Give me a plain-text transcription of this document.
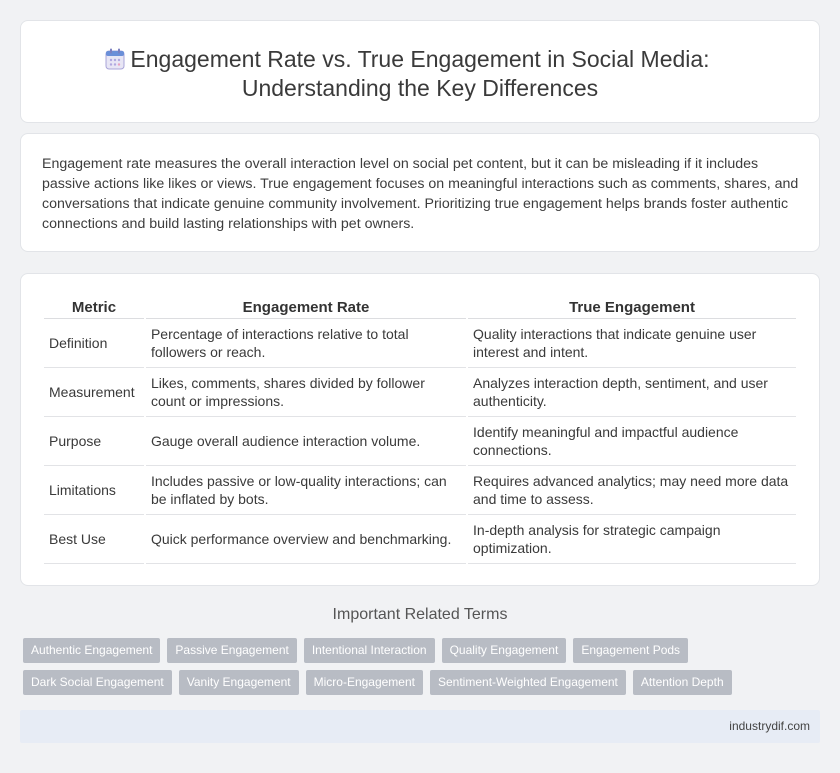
Engagement Rate vs. True Engagement in Social Media:
Understanding the Key Differences

Engagement rate measures the overall interaction level on social pet content, but it can be misleading if it includes passive actions like likes or views. True engagement focuses on meaningful interactions such as comments, shares, and conversations that indicate genuine community involvement. Prioritizing true engagement helps brands foster authentic connections and build lasting relationships with pet owners.

Metric	Engagement Rate	True Engagement
Definition	Percentage of interactions relative to total followers or reach.	Quality interactions that indicate genuine user interest and intent.
Measurement	Likes, comments, shares divided by follower count or impressions.	Analyzes interaction depth, sentiment, and user authenticity.
Purpose	Gauge overall audience interaction volume.	Identify meaningful and impactful audience connections.
Limitations	Includes passive or low-quality interactions; can be inflated by bots.	Requires advanced analytics; may need more data and time to assess.
Best Use	Quick performance overview and benchmarking.	In-depth analysis for strategic campaign optimization.
Important Related Terms
Authentic Engagement	Passive Engagement	Intentional Interaction	Quality Engagement	Engagement Pods
Dark Social Engagement	Vanity Engagement	Micro-Engagement	Sentiment-Weighted Engagement	Attention Depth
industrydif.com
